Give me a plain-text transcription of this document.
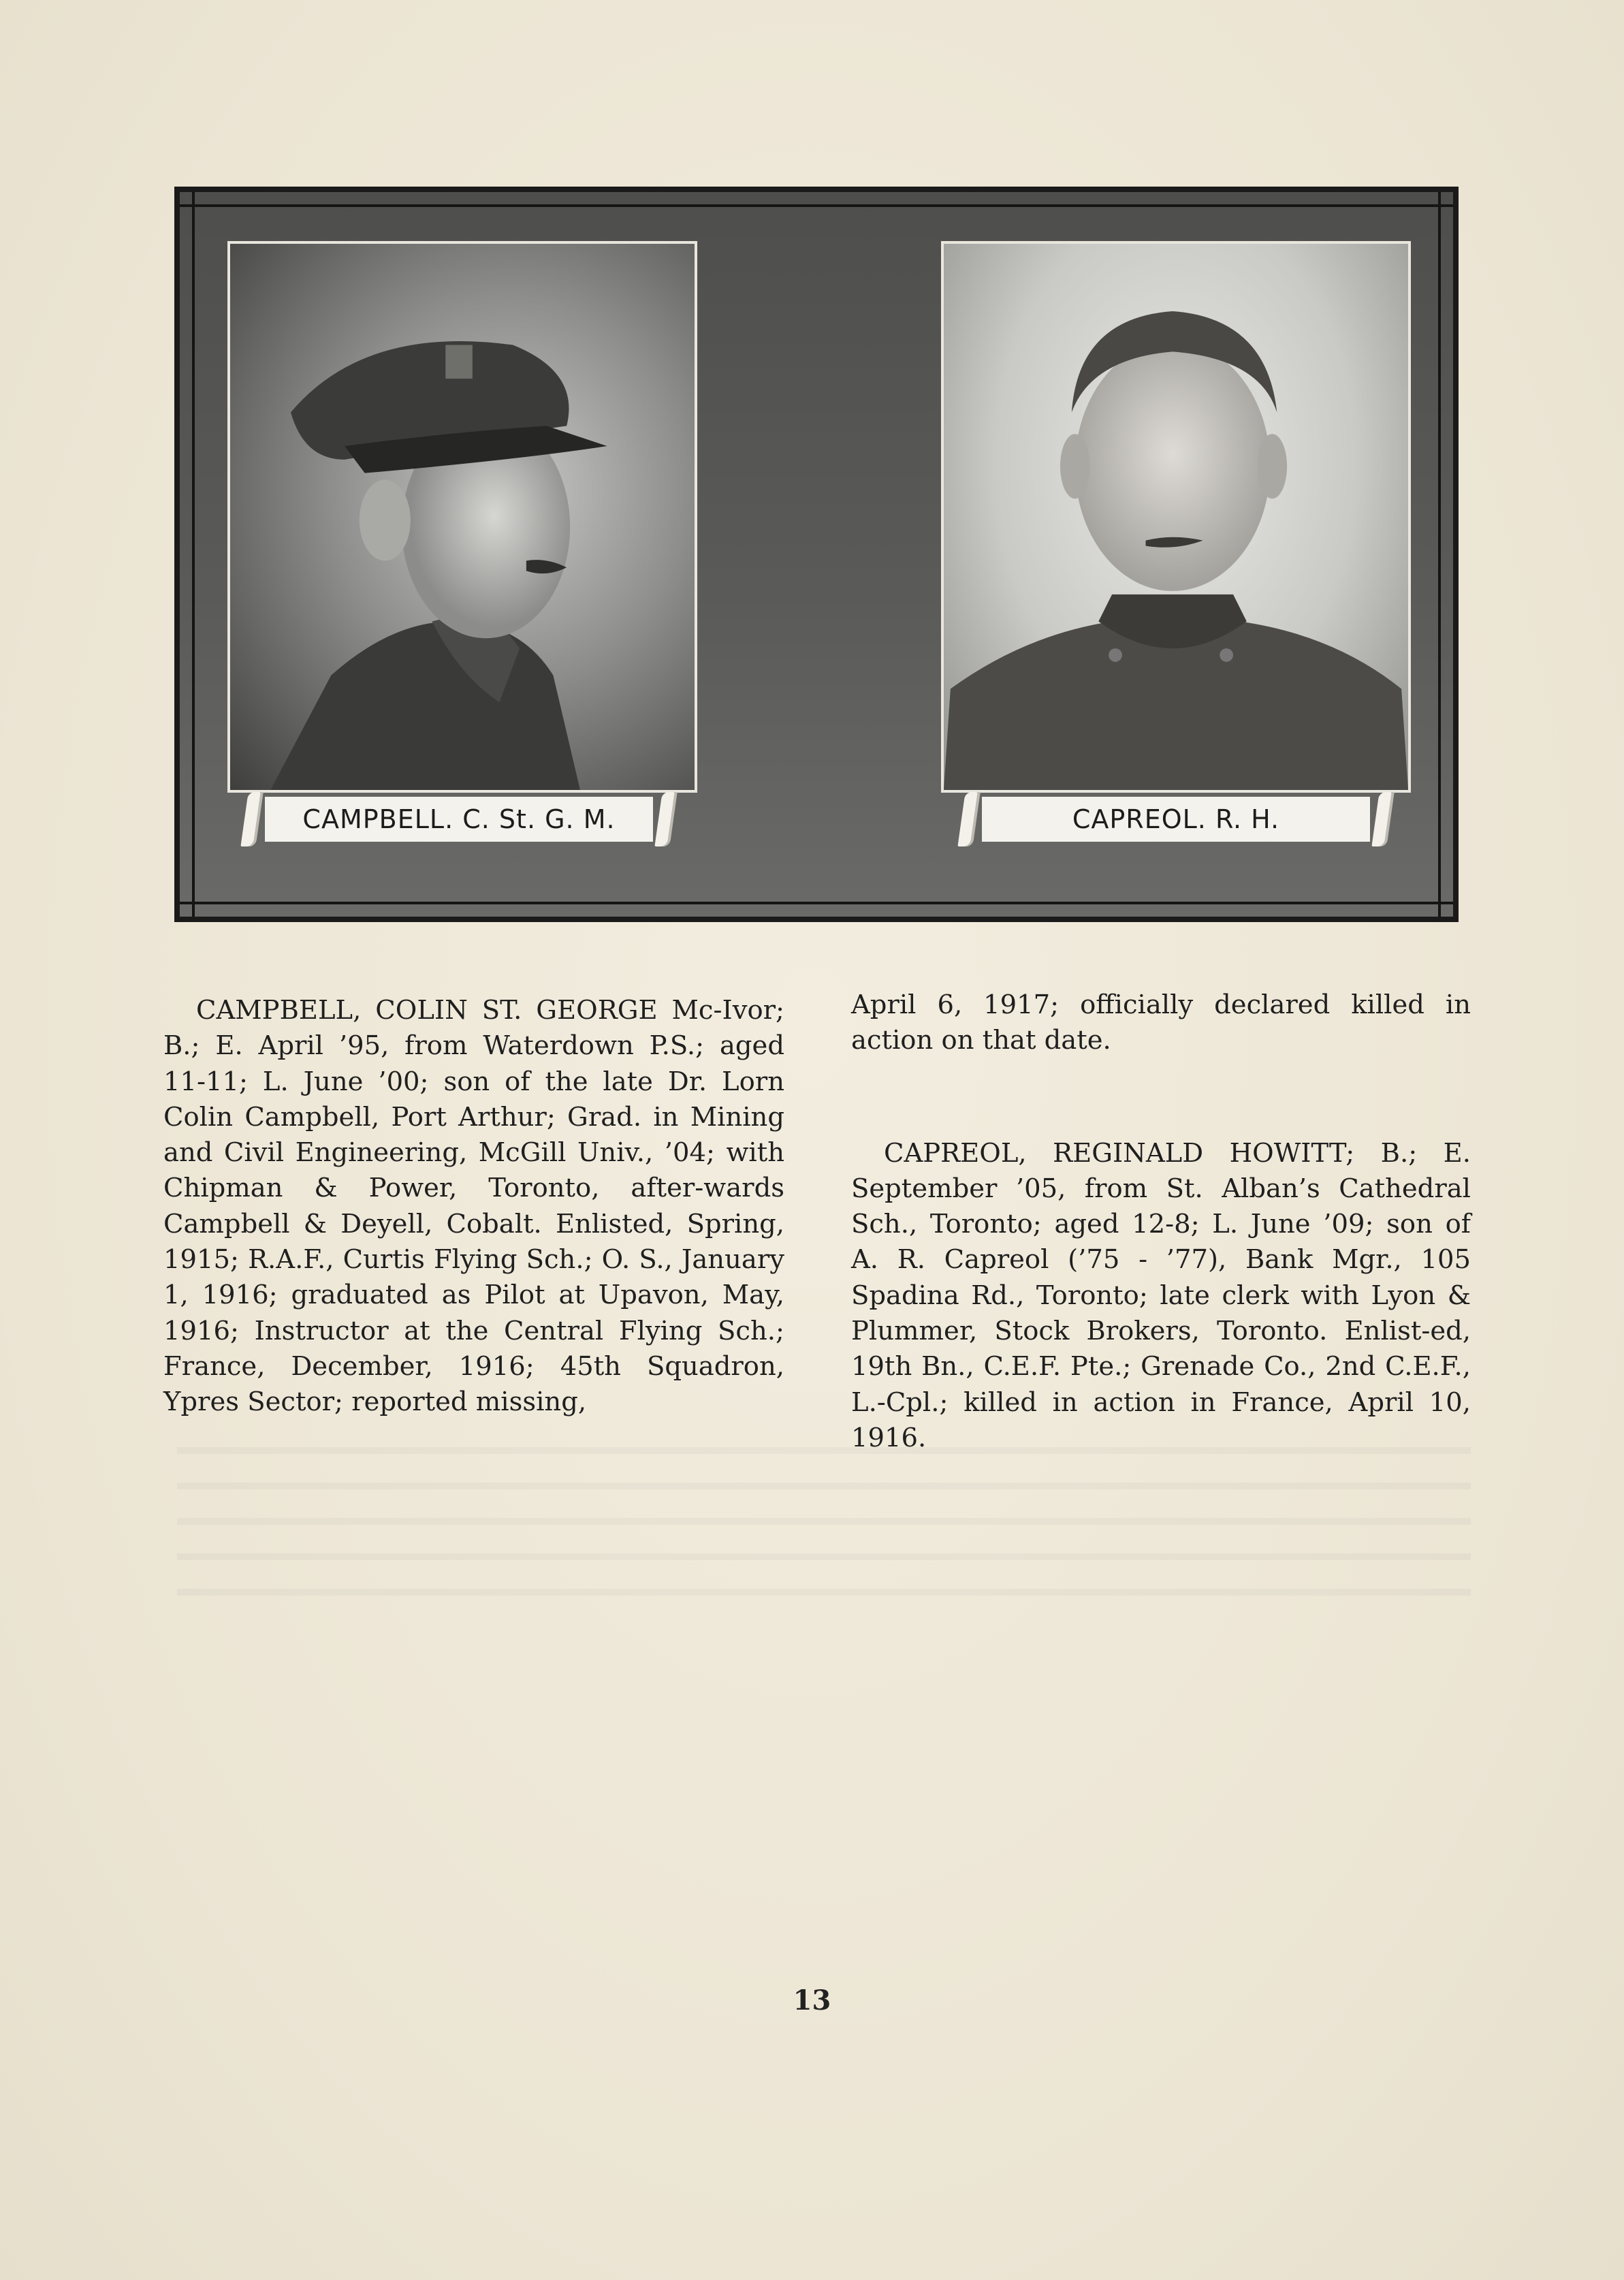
CAMPBELL. C. St. G. M.	CAPREOL. R. H.

CAMPBELL, COLIN ST. GEORGE Mc-Ivor; B.; E. April ’95, from Waterdown P.S.; aged 11-11; L. June ’00; son of the late Dr. Lorn Colin Campbell, Port Arthur; Grad. in Mining and Civil Engineering, McGill Univ., ’04; with Chipman & Power, Toronto, after-wards Campbell & Deyell, Cobalt. Enlisted, Spring, 1915; R.A.F., Curtis Flying Sch.; O. S., January 1, 1916; graduated as Pilot at Upavon, May, 1916; Instructor at the Central Flying Sch.; France, December, 1916; 45th Squadron, Ypres Sector; reported missing,

April 6, 1917; officially declared killed in action on that date.

CAPREOL, REGINALD HOWITT; B.; E. September ’05, from St. Alban’s Cathedral Sch., Toronto; aged 12-8; L. June ’09; son of A. R. Capreol (’75 - ’77), Bank Mgr., 105 Spadina Rd., Toronto; late clerk with Lyon & Plummer, Stock Brokers, Toronto. Enlist-ed, 19th Bn., C.E.F. Pte.; Grenade Co., 2nd C.E.F., L.-Cpl.; killed in action in France, April 10, 1916.

13
